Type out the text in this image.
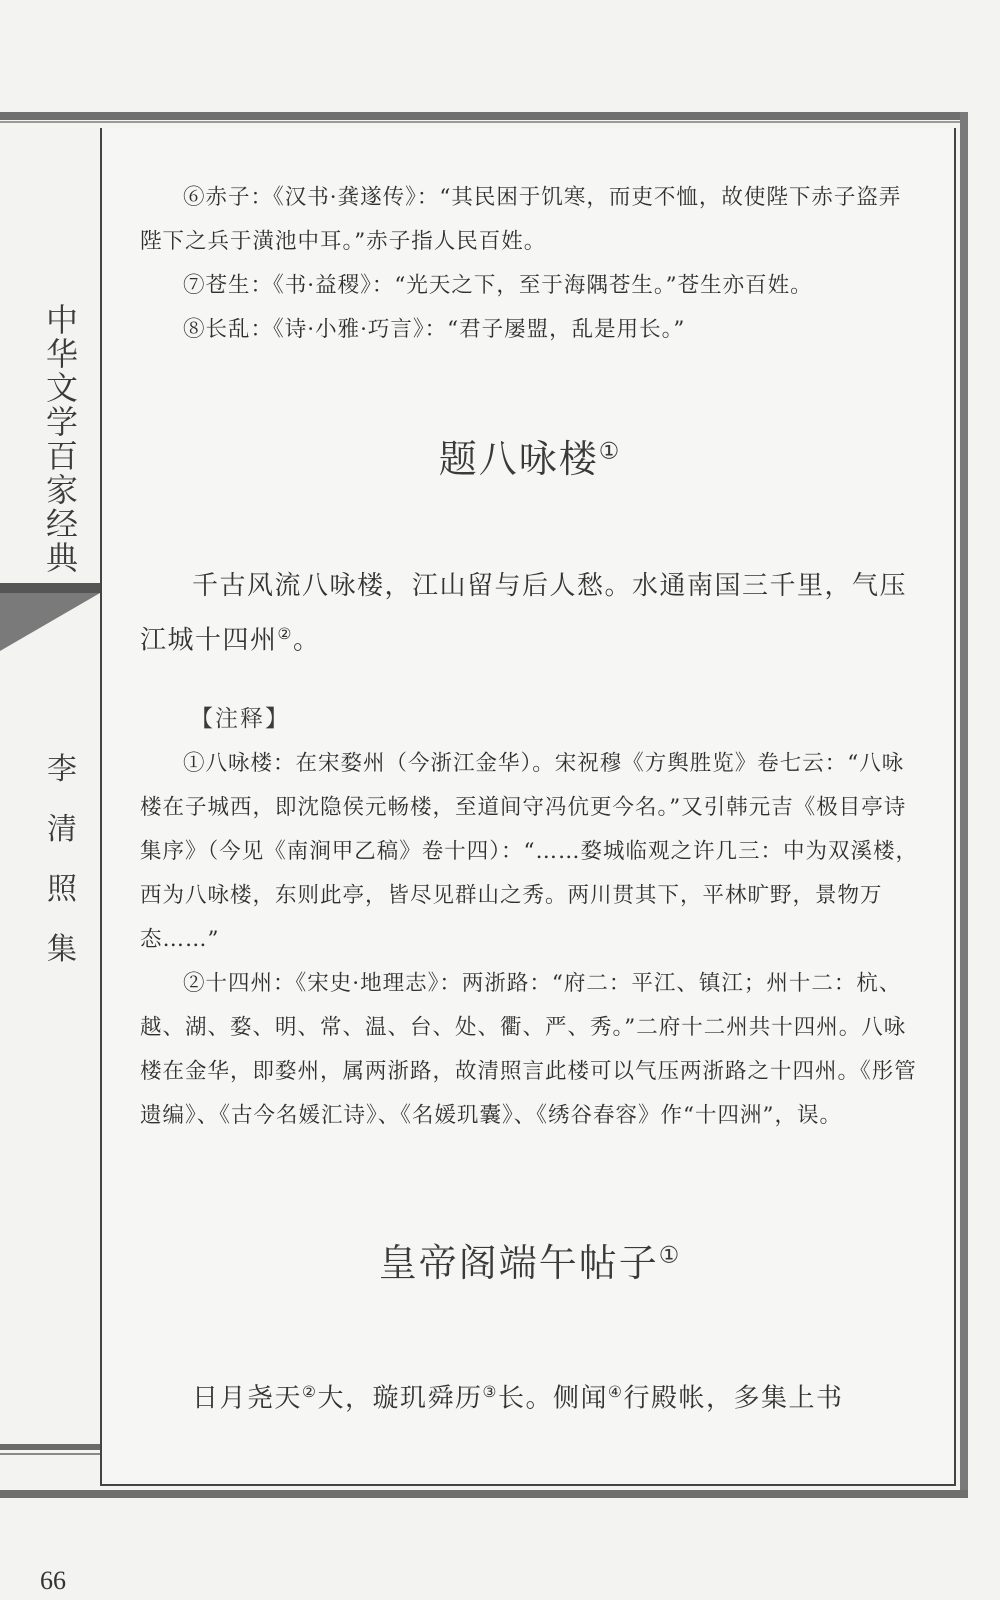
中华文学百家经典
李清照集
66

⑥赤子：《汉书·龚遂传》：“其民困于饥寒，而吏不恤，故使陛下赤子盗弄陛下之兵于潢池中耳。”赤子指人民百姓。

⑦苍生：《书·益稷》：“光天之下，至于海隅苍生。”苍生亦百姓。

⑧长乱：《诗·小雅·巧言》：“君子屡盟，乱是用长。”

题八咏楼①

千古风流八咏楼，江山留与后人愁。水通南国三千里，气压江城十四州②。

【注释】

①八咏楼：在宋婺州（今浙江金华）。宋祝穆《方舆胜览》卷七云：“八咏楼在子城西，即沈隐侯元畅楼，至道间守冯伉更今名。”又引韩元吉《极目亭诗集序》（今见《南涧甲乙稿》卷十四）：“……婺城临观之许几三：中为双溪楼，西为八咏楼，东则此亭，皆尽见群山之秀。两川贯其下，平林旷野，景物万态……”

②十四州：《宋史·地理志》：两浙路：“府二：平江、镇江；州十二：杭、越、湖、婺、明、常、温、台、处、衢、严、秀。”二府十二州共十四州。八咏楼在金华，即婺州，属两浙路，故清照言此楼可以气压两浙路之十四州。《彤管遗编》、《古今名媛汇诗》、《名媛玑囊》、《绣谷春容》作“十四洲”，误。

皇帝阁端午帖子①

日月尧天②大，璇玑舜历③长。侧闻④行殿帐，多集上书
